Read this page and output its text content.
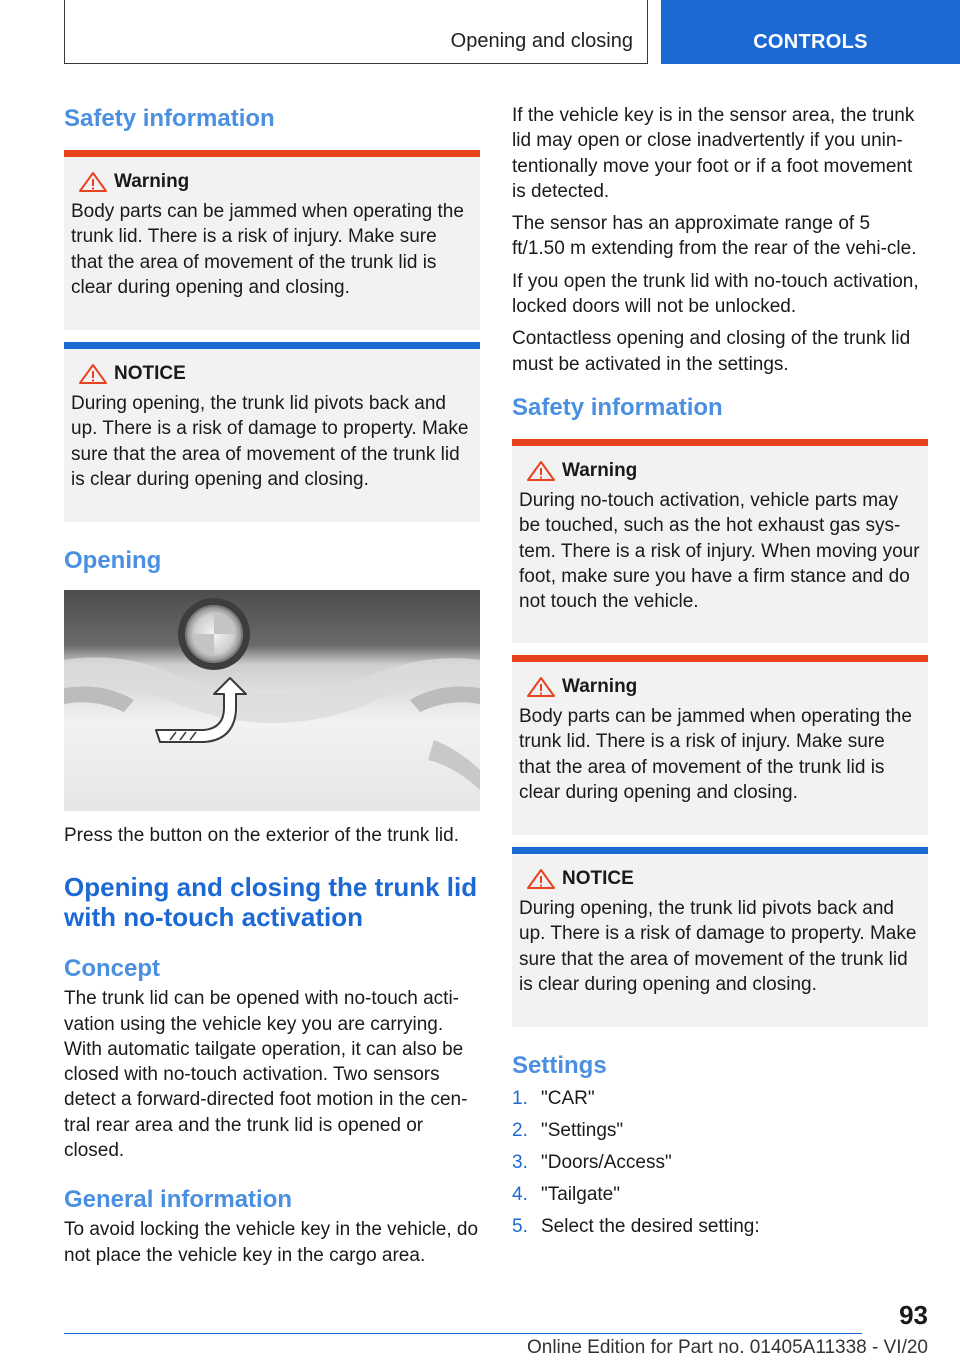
Opening and closing	CONTROLS
Safety information
Warning

Body parts can be jammed when operating the trunk lid. There is a risk of injury. Make sure that the area of movement of the trunk lid is clear during opening and closing.

NOTICE

During opening, the trunk lid pivots back and up. There is a risk of damage to property. Make sure that the area of movement of the trunk lid is clear during opening and closing.

Opening

Press the button on the exterior of the trunk lid.

Opening and closing the trunk lid with no-touch activation
Concept

The trunk lid can be opened with no-touch acti-vation using the vehicle key you are carrying. With automatic tailgate operation, it can also be closed with no-touch activation. Two sensors detect a forward-directed foot motion in the cen-tral rear area and the trunk lid is opened or closed.

General information

To avoid locking the vehicle key in the vehicle, do not place the vehicle key in the cargo area.

If the vehicle key is in the sensor area, the trunk lid may open or close inadvertently if you unin-tentionally move your foot or if a foot movement is detected.

The sensor has an approximate range of 5 ft/1.50 m extending from the rear of the vehi-cle.

If you open the trunk lid with no-touch activation, locked doors will not be unlocked.

Contactless opening and closing of the trunk lid must be activated in the settings.

Safety information
Warning

During no-touch activation, vehicle parts may be touched, such as the hot exhaust gas sys-tem. There is a risk of injury. When moving your foot, make sure you have a firm stance and do not touch the vehicle.

Warning

Body parts can be jammed when operating the trunk lid. There is a risk of injury. Make sure that the area of movement of the trunk lid is clear during opening and closing.

NOTICE

During opening, the trunk lid pivots back and up. There is a risk of damage to property. Make sure that the area of movement of the trunk lid is clear during opening and closing.

Settings
1. "CAR"
2. "Settings"
3. "Doors/Access"
4. "Tailgate"
5. Select the desired setting:
93
Online Edition for Part no. 01405A11338 - VI/20
